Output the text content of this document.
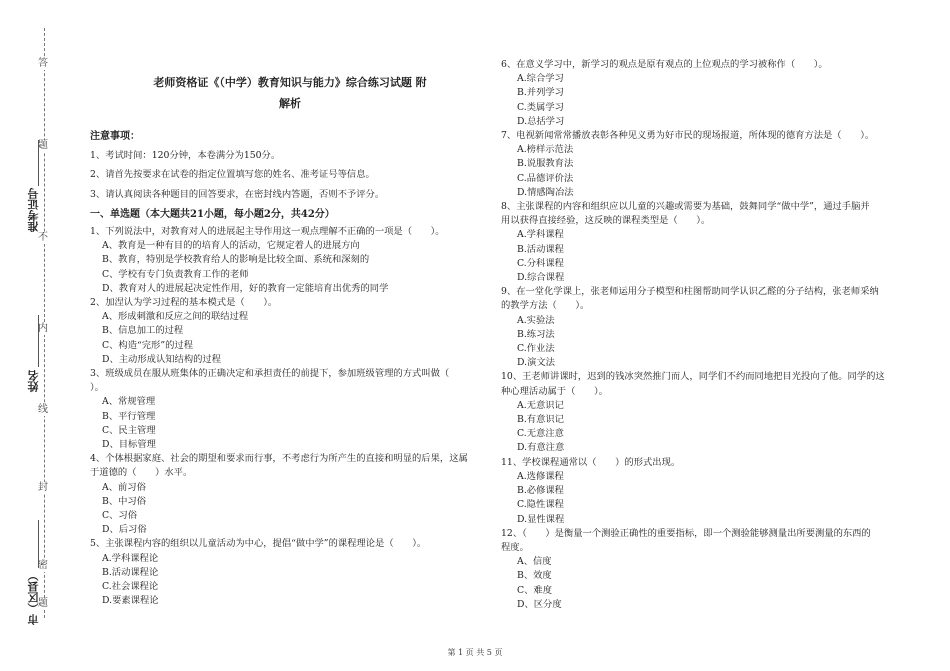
答
题
不
内
线
封
密
题
准考证号
姓名
市（区县）
老师资格证《（中学）教育知识与能力》综合练习试题 附
解析
注意事项：
1、考试时间：120分钟，本卷满分为150分。
2、请首先按要求在试卷的指定位置填写您的姓名、准考证号等信息。
3、请认真阅读各种题目的回答要求，在密封线内答题，否则不予评分。
一、单选题（本大题共21小题，每小题2分，共42分）
1、下列说法中，对教育对人的进展起主导作用这一观点理解不正确的一项是（　　）。
A、教育是一种有目的的培育人的活动，它规定着人的进展方向
B、教育，特别是学校教育给人的影响是比较全面、系统和深刻的
C、学校有专门负责教育工作的老师
D、教育对人的进展起决定性作用，好的教育一定能培育出优秀的同学
2、加涅认为学习过程的基本模式是（　　）。
A、形成刺激和反应之间的联结过程
B、信息加工的过程
C、构造“完形”的过程
D、主动形成认知结构的过程
3、班级成员在服从班集体的正确决定和承担责任的前提下，参加班级管理的方式叫做（
）。
A、常规管理
B、平行管理
C、民主管理
D、目标管理
4、个体根据家庭、社会的期望和要求而行事，不考虑行为所产生的直接和明显的后果，这属
于道德的（　　）水平。
A、前习俗
B、中习俗
C、习俗
D、后习俗
5、主张课程内容的组织以儿童活动为中心，提倡“做中学”的课程理论是（　　）。
A.学科课程论
B.活动课程论
C.社会课程论
D.要素课程论
6、在意义学习中，新学习的观点是原有观点的上位观点的学习被称作（　　）。
A.综合学习
B.并列学习
C.类属学习
D.总括学习
7、电视新闻常常播放表彰各种见义勇为好市民的现场报道，所体现的德育方法是（　　）。
A.榜样示范法
B.说服教育法
C.品德评价法
D.情感陶冶法
8、主张课程的内容和组织应以儿童的兴趣或需要为基础，鼓舞同学“做中学”，通过手脑并
用以获得直接经验，这反映的课程类型是（　　）。
A.学科课程
B.活动课程
C.分科课程
D.综合课程
9、在一堂化学课上，张老师运用分子模型和柱图帮助同学认识乙醛的分子结构，张老师采纳
的教学方法（　　）。
A.实验法
B.练习法
C.作业法
D.演文法
10、王老师讲课时，迟到的钱冰突然推门而人，同学们不约而同地把目光投向了他。同学的这
种心理活动属于（　　）。
A.无意识记
B.有意识记
C.无意注意
D.有意注意
11、学校课程通常以（　　）的形式出现。
A.选修课程
B.必修课程
C.隐性课程
D.显性课程
12、（　　）是衡量一个测验正确性的重要指标，即一个测验能够测量出所要测量的东西的
程度。
A、信度
B、效度
C、难度
D、区分度
第 1 页 共 5 页
